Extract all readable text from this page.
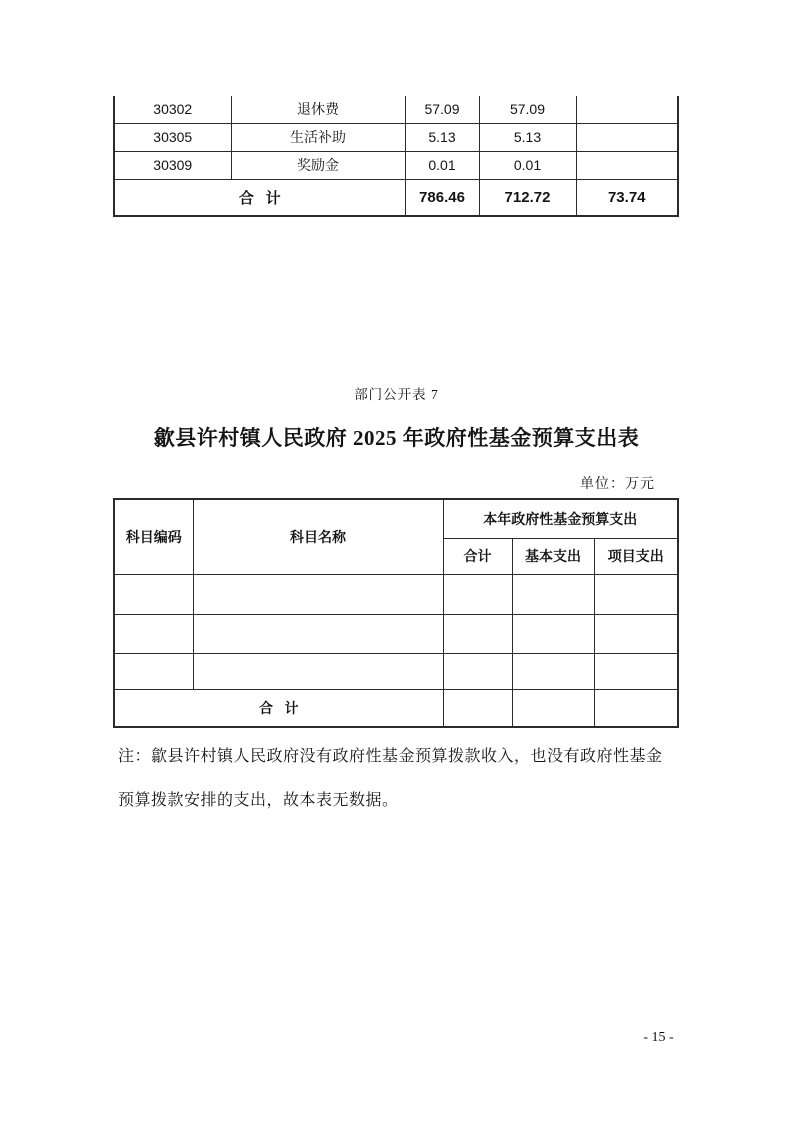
30302	退休费	57.09	57.09	
30305	生活补助	5.13	5.13	
30309	奖励金	0.01	0.01	
合 计		786.46	712.72	73.74
部门公开表 7
歙县许村镇人民政府 2025 年政府性基金预算支出表
单位：万元
科目编码	科目名称	本年政府性基金预算支出		
		合计	基本支出	项目支出

合 计				
注：歙县许村镇人民政府没有政府性基金预算拨款收入，也没有政府性基金
预算拨款安排的支出，故本表无数据。
- 15 -
